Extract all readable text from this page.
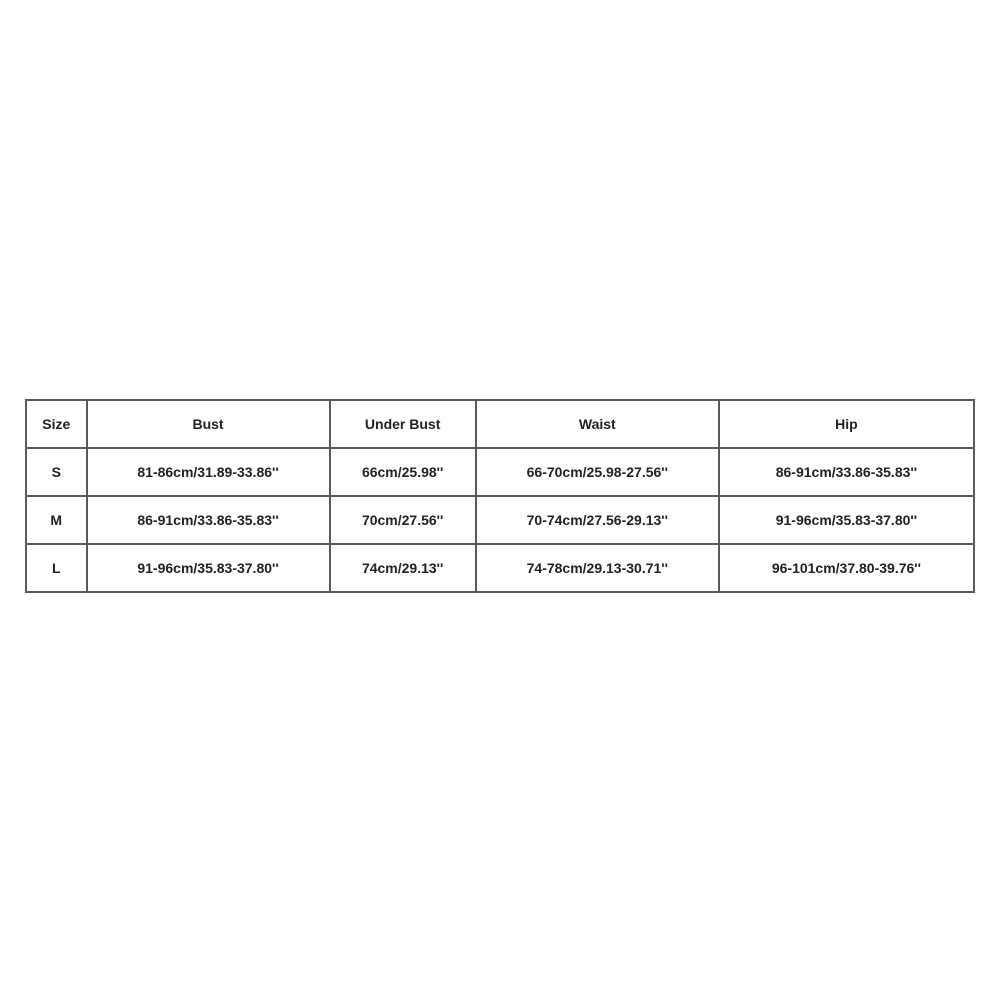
Size	Bust	Under Bust	Waist	Hip
S	81-86cm/31.89-33.86''	66cm/25.98''	66-70cm/25.98-27.56''	86-91cm/33.86-35.83''
M	86-91cm/33.86-35.83''	70cm/27.56''	70-74cm/27.56-29.13''	91-96cm/35.83-37.80''
L	91-96cm/35.83-37.80''	74cm/29.13''	74-78cm/29.13-30.71''	96-101cm/37.80-39.76''
